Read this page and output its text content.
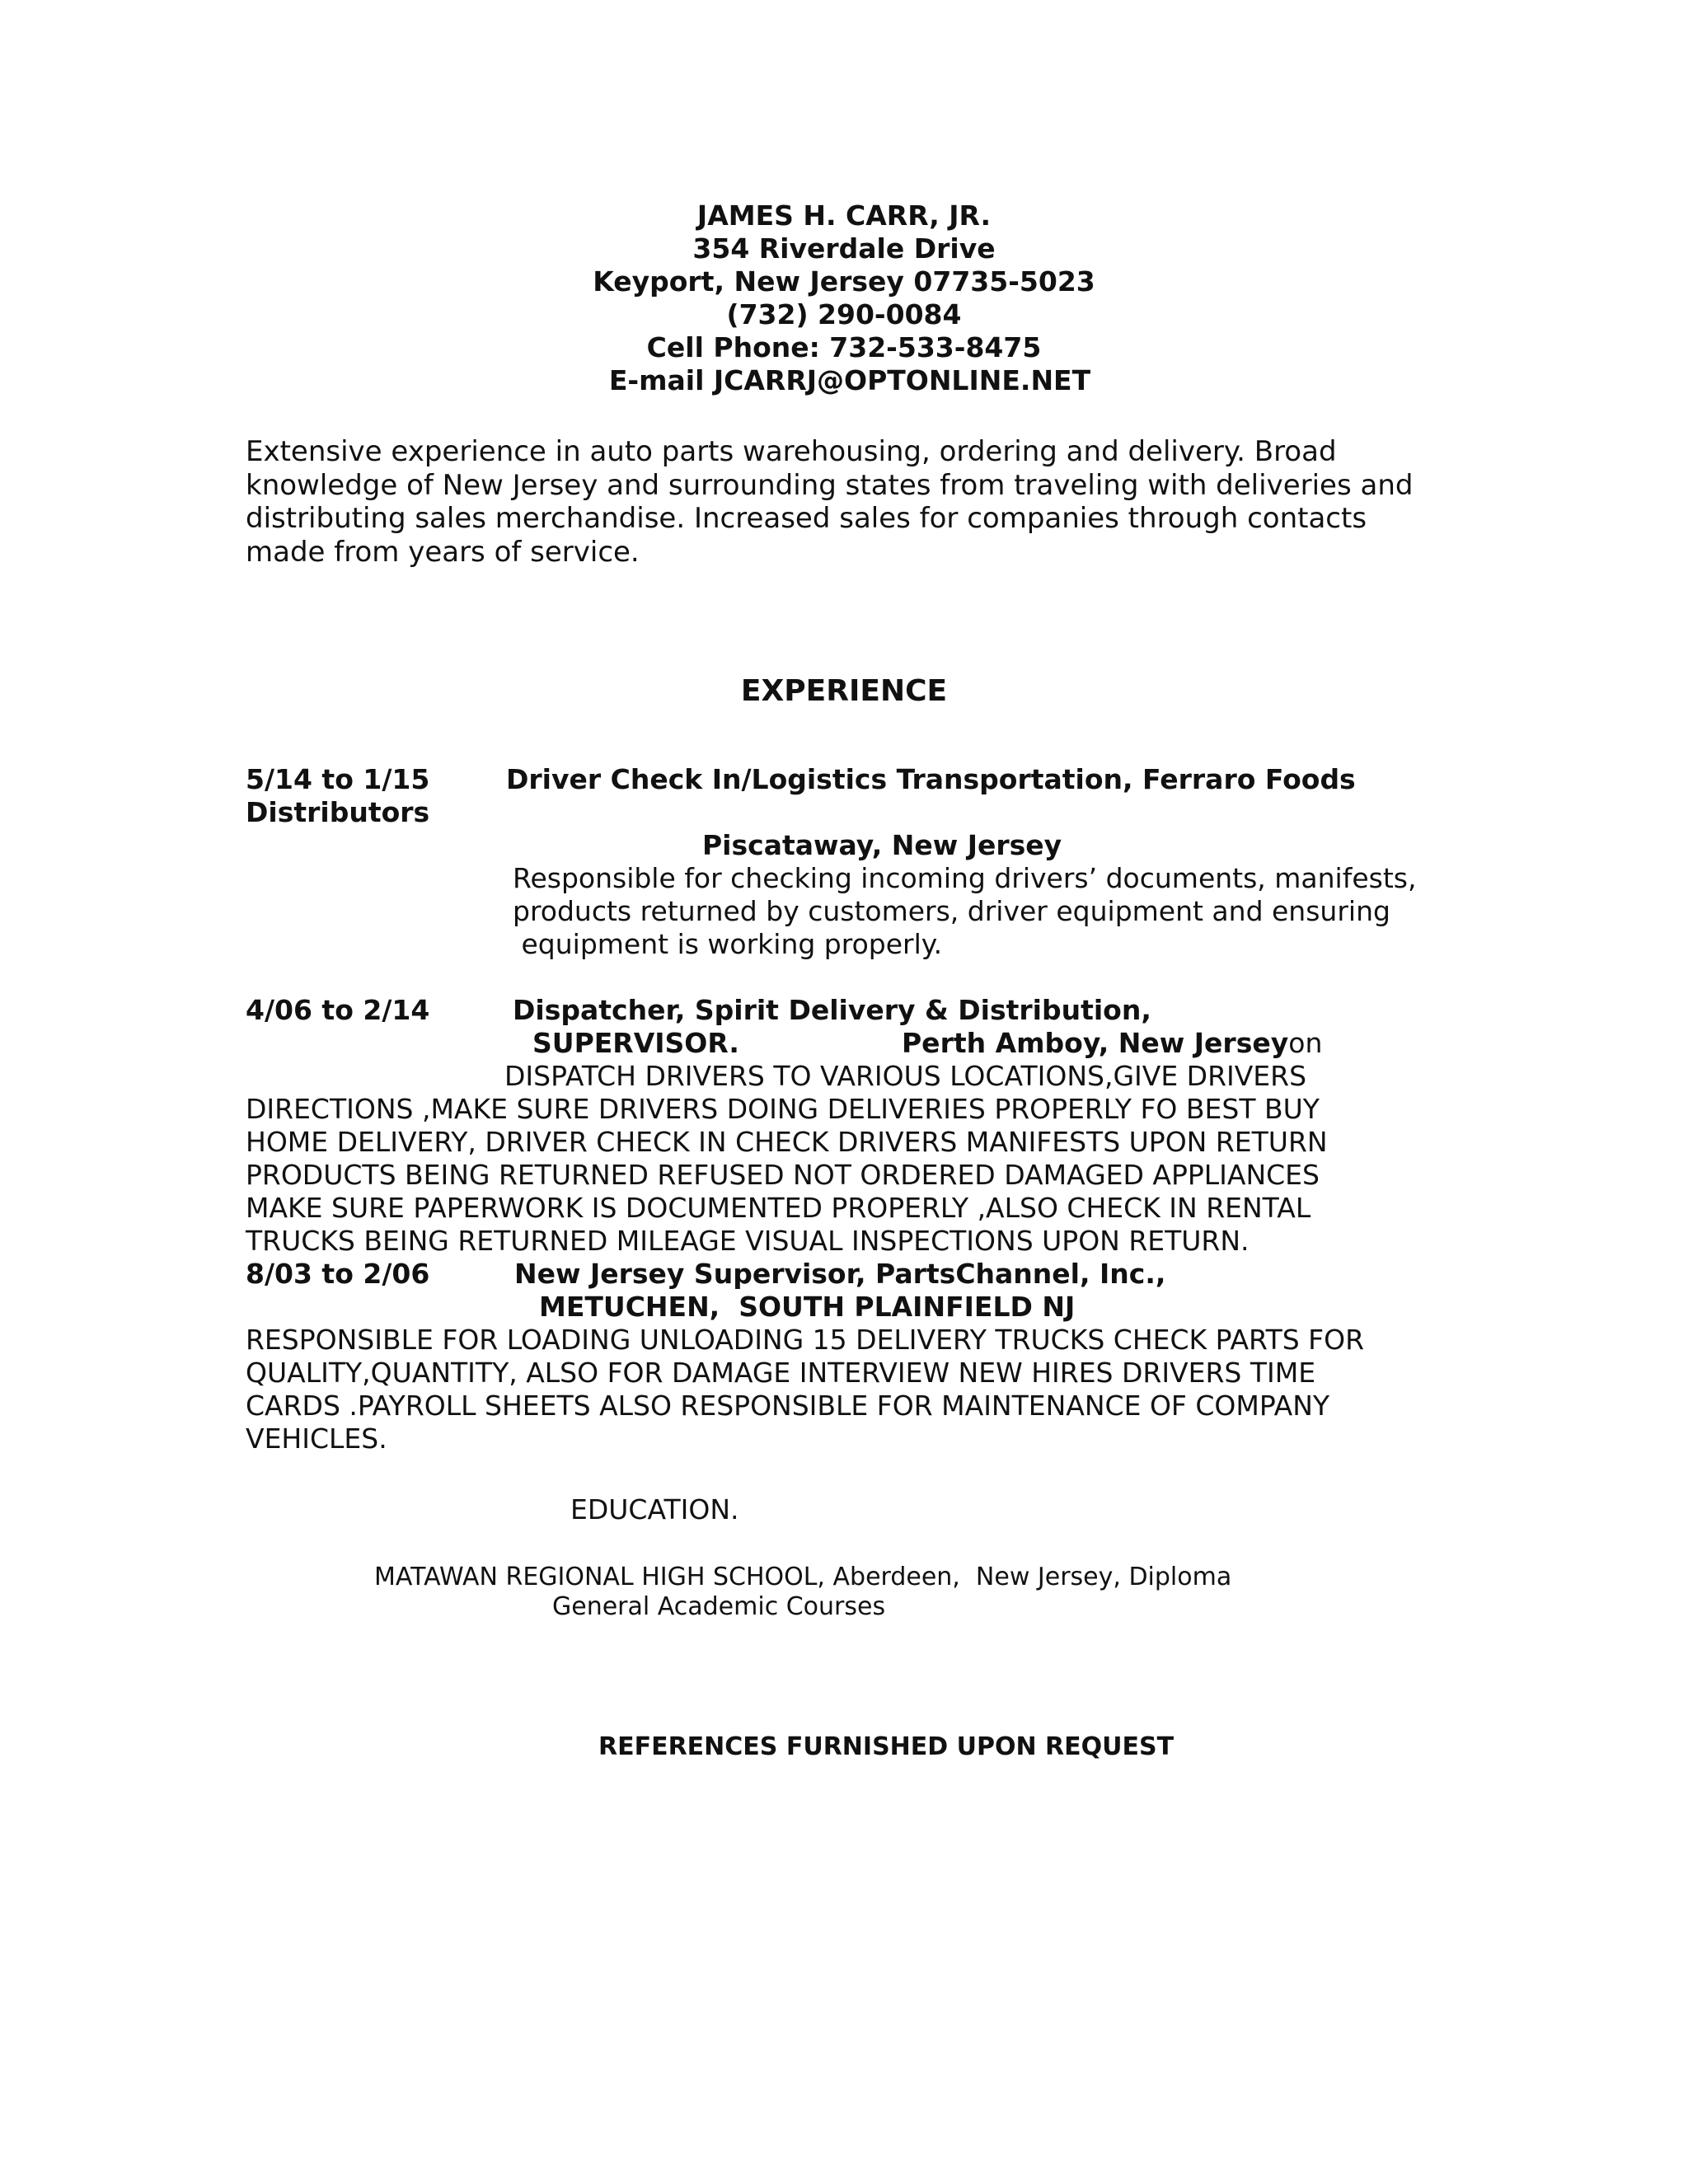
JAMES H. CARR, JR.
354 Riverdale Drive
Keyport, New Jersey 07735-5023
(732) 290-0084
Cell Phone: 732-533-8475
E-mail JCARRJ@OPTONLINE.NET

Extensive experience in auto parts warehousing, ordering and delivery. Broad

knowledge of New Jersey and surrounding states from traveling with deliveries and

distributing sales merchandise. Increased sales for companies through contacts

made from years of service.

EXPERIENCE
5/14 to 1/15	Driver Check In/Logistics Transportation, Ferraro Foods
Distributors
Piscataway, New Jersey
Responsible for checking incoming drivers’ documents, manifests,
products returned by customers, driver equipment and ensuring
equipment is working properly.
4/06 to 2/14	Dispatcher, Spirit Delivery & Distribution,
SUPERVISOR.	Perth Amboy, New Jerseyon
DISPATCH DRIVERS TO VARIOUS LOCATIONS,GIVE DRIVERS
DIRECTIONS ,MAKE SURE DRIVERS DOING DELIVERIES PROPERLY FO BEST BUY
HOME DELIVERY, DRIVER CHECK IN CHECK DRIVERS MANIFESTS UPON RETURN
PRODUCTS BEING RETURNED REFUSED NOT ORDERED DAMAGED APPLIANCES
MAKE SURE PAPERWORK IS DOCUMENTED PROPERLY ,ALSO CHECK IN RENTAL
TRUCKS BEING RETURNED MILEAGE VISUAL INSPECTIONS UPON RETURN.
8/03 to 2/06	New Jersey Supervisor, PartsChannel, Inc.,
METUCHEN,  SOUTH PLAINFIELD NJ
RESPONSIBLE FOR LOADING UNLOADING 15 DELIVERY TRUCKS CHECK PARTS FOR
QUALITY,QUANTITY, ALSO FOR DAMAGE INTERVIEW NEW HIRES DRIVERS TIME
CARDS .PAYROLL SHEETS ALSO RESPONSIBLE FOR MAINTENANCE OF COMPANY
VEHICLES.
EDUCATION.
MATAWAN REGIONAL HIGH SCHOOL, Aberdeen,  New Jersey, Diploma
General Academic Courses
REFERENCES FURNISHED UPON REQUEST
